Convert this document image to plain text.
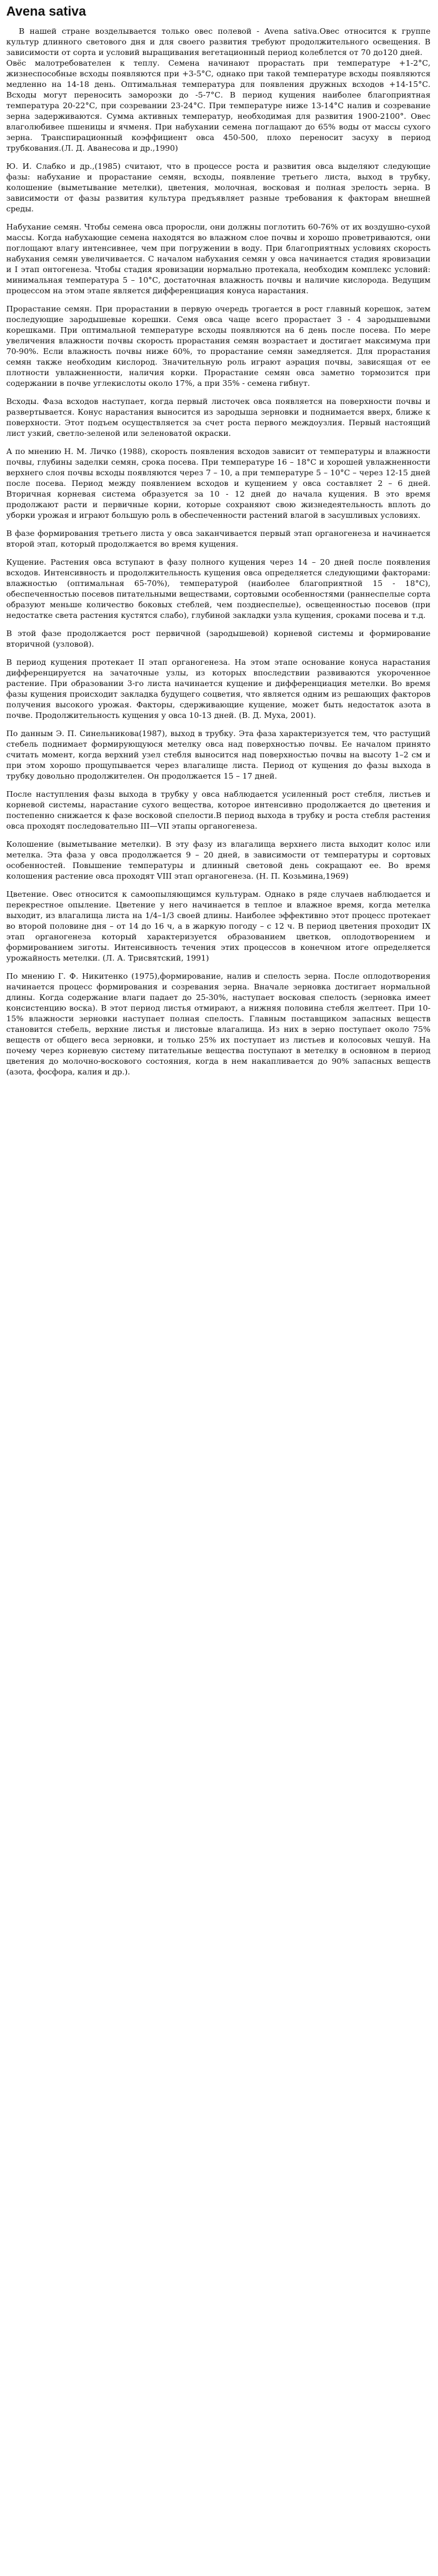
Avena sativa

В нашей стране возделывается только овес полевой - Avena sativa.Овес относится к группе культур длинного светового дня и для своего развития требуют продолжительного освещения. В зависимости от сорта и условий выращивания вегетационный период колеблется от 70 до120 дней.

Овёс малотребователен к теплу. Семена начинают прорастать при температуре +1-2°С, жизнеспособные всходы появляются при +3-5°С, однако при такой температуре всходы появляются медленно на 14-18 день. Оптимальная температура для появления дружных всходов +14-15°С. Всходы могут переносить заморозки до -5-7°С. В период кущения наиболее благоприятная температура 20-22°С, при созревании 23-24°С. При температуре ниже 13-14°С налив и созревание зерна задерживаются. Сумма активных температур, необходимая для развития 1900-2100°. Овес влаголюбивее пшеницы и ячменя. При набухании семена поглащают до 65% воды от массы сухого зерна. Транспирационный коэффициент овса 450-500, плохо переносит засуху в период трубкования.(Л. Д. Аванесова и др.,1990)

Ю. И. Слабко и др.,(1985) считают, что в процессе роста и развития овса выделяют следующие фазы: набухание и прорастание семян, всходы, появление третьего листа, выход в трубку, колошение (выметывание метелки), цветения, молочная, восковая и полная зрелость зерна. В зависимости от фазы развития культура предъявляет разные требования к факторам внешней среды.

Набухание семян. Чтобы семена овса проросли, они должны поглотить 60-76% от их воздушно-сухой массы. Когда набухающие семена находятся во влажном слое почвы и хорошо проветриваются, они поглощают влагу интенсивнее, чем при погружении в воду. При благоприятных условиях скорость набухания семян увеличивается. С началом набухания семян у овса начинается стадия яровизации и I этап онтогенеза. Чтобы стадия яровизации нормально протекала, необходим комплекс условий: минимальная температура 5 – 10°С, достаточная влажность почвы и наличие кислорода. Ведущим процессом на этом этапе является дифференциация конуса нарастания.

Прорастание семян. При прорастании в первую очередь трогается в рост главный корешок, затем последующие зародышевые корешки. Семя овса чаще всего прорастает 3 - 4 зародышевыми корешками. При оптимальной температуре всходы появляются на 6 день после посева. По мере увеличения влажности почвы скорость прорастания семян возрастает и достигает максимума при 70-90%. Если влажность почвы ниже 60%, то прорастание семян замедляется. Для прорастания семян также необходим кислород. Значительную роль играют аэрация почвы, зависящая от ее плотности увлажненности, наличия корки. Прорастание семян овса заметно тормозится при содержании в почве углекислоты около 17%, а при 35% - семена гибнут.

Всходы. Фаза всходов наступает, когда первый листочек овса появляется на поверхности почвы и развертывается. Конус нарастания выносится из зародыша зерновки и поднимается вверх, ближе к поверхности. Этот подъем осуществляется за счет роста первого междоузлия. Первый настоящий лист узкий, светло-зеленой или зеленоватой окраски.

А по мнению Н. М. Личко (1988), скорость появления всходов зависит от температуры и влажности почвы, глубины заделки семян, срока посева. При температуре 16 – 18°С и хорошей увлажненности верхнего слоя почвы всходы появляются через 7 – 10, а при температуре 5 – 10°С – через 12-15 дней после посева. Период между появлением всходов и кущением у овса составляет 2 – 6 дней. Вторичная корневая система образуется за 10 - 12 дней до начала кущения. В это время продолжают расти и первичные корни, которые сохраняют свою жизнедеятельность вплоть до уборки урожая и играют большую роль в обеспеченности растений влагой в засушливых условиях.

В фазе формирования третьего листа у овса заканчивается первый этап органогенеза и начинается второй этап, который продолжается во время кущения.

Кущение. Растения овса вступают в фазу полного кущения через 14 – 20 дней после появления всходов. Интенсивность и продолжительность кущения овса определяется следующими факторами: влажностью (оптимальная 65-70%), температурой (наиболее благоприятной 15 - 18°С), обеспеченностью посевов питательными веществами, сортовыми особенностями (раннеспелые сорта образуют меньше количество боковых стеблей, чем позднеспелые), освещенностью посевов (при недостатке света растения кустятся слабо), глубиной закладки узла кущения, сроками посева и т.д.

В этой фазе продолжается рост первичной (зародышевой) корневой системы и формирование вторичной (узловой).

В период кущения протекает II этап органогенеза. На этом этапе основание конуса нарастания дифференцируется на зачаточные узлы, из которых впоследствии развиваются укороченное растение. При образовании 3-го листа начинается кущение и дифференциация метелки. Во время фазы кущения происходит закладка будущего соцветия, что является одним из решающих факторов получения высокого урожая. Факторы, сдерживающие кущение, может быть недостаток азота в почве. Продолжительность кущения у овса 10-13 дней. (В. Д. Муха, 2001).

По данным Э. П. Синельникова(1987), выход в трубку. Эта фаза характеризуется тем, что растущий стебель поднимает формирующуюся метелку овса над поверхностью почвы. Ее началом принято считать момент, когда верхний узел стебля выносится над поверхностью почвы на высоту 1–2 см и при этом хорошо прощупывается через влагалище листа. Период от кущения до фазы выхода в трубку довольно продолжителен. Он продолжается 15 – 17 дней.

После наступления фазы выхода в трубку у овса наблюдается усиленный рост стебля, листьев и корневой системы, нарастание сухого вещества, которое интенсивно продолжается до цветения и постепенно снижается к фазе восковой спелости.В период выхода в трубку и роста стебля растения овса проходят последовательно III—VII этапы органогенеза.

Колошение (выметывание метелки). В эту фазу из влагалища верхнего листа выходит колос или метелка. Эта фаза у овса продолжается 9 – 20 дней, в зависимости от температуры и сортовых особенностей. Повышение температуры и длинный световой день сокращают ее. Во время колошения растение овса проходят VIII этап органогенеза. (Н. П. Козьмина,1969)

Цветение. Овес относится к самоопыляющимся культурам. Однако в ряде случаев наблюдается и перекрестное опыление. Цветение у него начинается в теплое и влажное время, когда метелка выходит, из влагалища листа на 1/4–1/3 своей длины. Наиболее эффективно этот процесс протекает во второй половине дня – от 14 до 16 ч, а в жаркую погоду – с 12 ч. В период цветения проходит IX этап органогенеза который характеризуется образованием цветков, оплодотворением и формированием зиготы. Интенсивность течения этих процессов в конечном итоге определяется урожайность метелки. (Л. А. Трисвятский, 1991)

По мнению Г. Ф. Никитенко (1975),формирование, налив и спелость зерна. После оплодотворения начинается процесс формирования и созревания зерна. Вначале зерновка достигает нормальной длины. Когда содержание влаги падает до 25-30%, наступает восковая спелость (зерновка имеет консистенцию воска). В этот период листья отмирают, а нижняя половина стебля желтеет. При 10-15% влажности зерновки наступает полная спелость. Главным поставщиком запасных веществ становится стебель, верхние листья и листовые влагалища. Из них в зерно поступает около 75% веществ от общего веса зерновки, и только 25% их поступает из листьев и колосовых чешуй. На почему через корневую систему питательные вещества поступают в метелку в основном в период цветения до молочно-воскового состояния, когда в нем накапливается до 90% запасных веществ (азота, фосфора, калия и др.).
